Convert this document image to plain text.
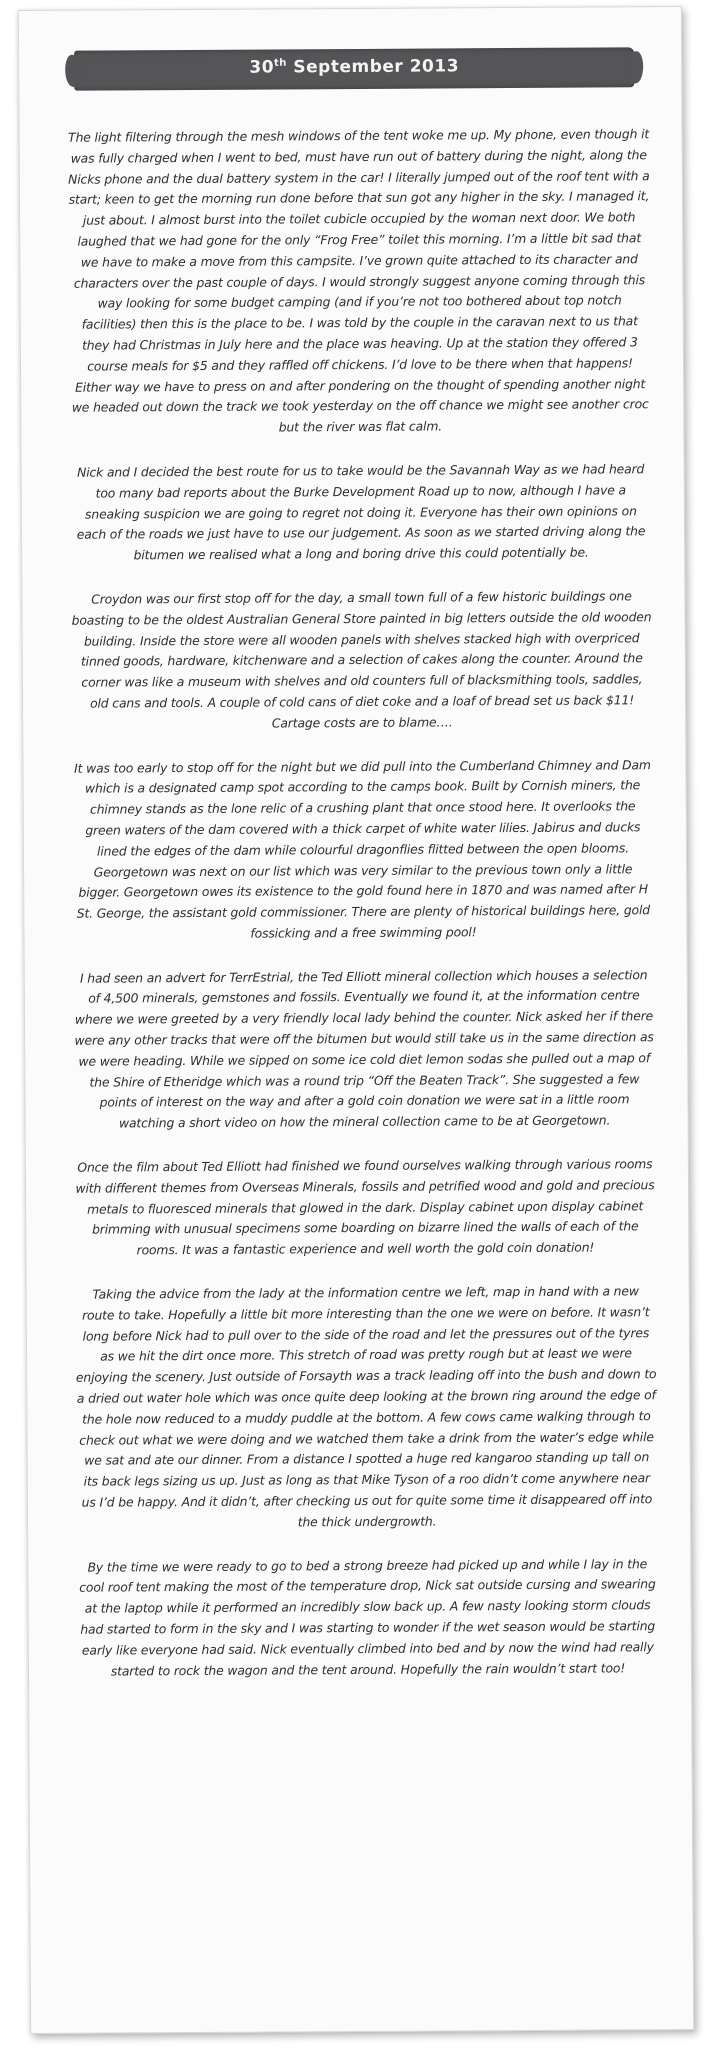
30th September 2013

The light filtering through the mesh windows of the tent woke me up. My phone, even though it was fully charged when I went to bed, must have run out of battery during the night, along the Nicks phone and the dual battery system in the car! I literally jumped out of the roof tent with a start; keen to get the morning run done before that sun got any higher in the sky. I managed it, just about. I almost burst into the toilet cubicle occupied by the woman next door. We both laughed that we had gone for the only “Frog Free” toilet this morning. I’m a little bit sad that we have to make a move from this campsite. I’ve grown quite attached to its character and characters over the past couple of days. I would strongly suggest anyone coming through this way looking for some budget camping (and if you’re not too bothered about top notch facilities) then this is the place to be. I was told by the couple in the caravan next to us that they had Christmas in July here and the place was heaving. Up at the station they offered 3 course meals for $5 and they raffled off chickens. I’d love to be there when that happens! Either way we have to press on and after pondering on the thought of spending another night we headed out down the track we took yesterday on the off chance we might see another croc but the river was flat calm.

Nick and I decided the best route for us to take would be the Savannah Way as we had heard too many bad reports about the Burke Development Road up to now, although I have a sneaking suspicion we are going to regret not doing it. Everyone has their own opinions on each of the roads we just have to use our judgement. As soon as we started driving along the bitumen we realised what a long and boring drive this could potentially be.

Croydon was our first stop off for the day, a small town full of a few historic buildings one boasting to be the oldest Australian General Store painted in big letters outside the old wooden building. Inside the store were all wooden panels with shelves stacked high with overpriced tinned goods, hardware, kitchenware and a selection of cakes along the counter. Around the corner was like a museum with shelves and old counters full of blacksmithing tools, saddles, old cans and tools. A couple of cold cans of diet coke and a loaf of bread set us back $11! Cartage costs are to blame….

It was too early to stop off for the night but we did pull into the Cumberland Chimney and Dam which is a designated camp spot according to the camps book. Built by Cornish miners, the chimney stands as the lone relic of a crushing plant that once stood here. It overlooks the green waters of the dam covered with a thick carpet of white water lilies. Jabirus and ducks lined the edges of the dam while colourful dragonflies flitted between the open blooms. Georgetown was next on our list which was very similar to the previous town only a little bigger. Georgetown owes its existence to the gold found here in 1870 and was named after H St. George, the assistant gold commissioner. There are plenty of historical buildings here, gold fossicking and a free swimming pool!

I had seen an advert for TerrEstrial, the Ted Elliott mineral collection which houses a selection of 4,500 minerals, gemstones and fossils. Eventually we found it, at the information centre where we were greeted by a very friendly local lady behind the counter. Nick asked her if there were any other tracks that were off the bitumen but would still take us in the same direction as we were heading. While we sipped on some ice cold diet lemon sodas she pulled out a map of the Shire of Etheridge which was a round trip “Off the Beaten Track”. She suggested a few points of interest on the way and after a gold coin donation we were sat in a little room watching a short video on how the mineral collection came to be at Georgetown.

Once the film about Ted Elliott had finished we found ourselves walking through various rooms with different themes from Overseas Minerals, fossils and petrified wood and gold and precious metals to fluoresced minerals that glowed in the dark. Display cabinet upon display cabinet brimming with unusual specimens some boarding on bizarre lined the walls of each of the rooms. It was a fantastic experience and well worth the gold coin donation!

Taking the advice from the lady at the information centre we left, map in hand with a new route to take. Hopefully a little bit more interesting than the one we were on before. It wasn’t long before Nick had to pull over to the side of the road and let the pressures out of the tyres as we hit the dirt once more. This stretch of road was pretty rough but at least we were enjoying the scenery. Just outside of Forsayth was a track leading off into the bush and down to a dried out water hole which was once quite deep looking at the brown ring around the edge of the hole now reduced to a muddy puddle at the bottom. A few cows came walking through to check out what we were doing and we watched them take a drink from the water’s edge while we sat and ate our dinner. From a distance I spotted a huge red kangaroo standing up tall on its back legs sizing us up. Just as long as that Mike Tyson of a roo didn’t come anywhere near us I’d be happy. And it didn’t, after checking us out for quite some time it disappeared off into the thick undergrowth.

By the time we were ready to go to bed a strong breeze had picked up and while I lay in the cool roof tent making the most of the temperature drop, Nick sat outside cursing and swearing at the laptop while it performed an incredibly slow back up. A few nasty looking storm clouds had started to form in the sky and I was starting to wonder if the wet season would be starting early like everyone had said. Nick eventually climbed into bed and by now the wind had really started to rock the wagon and the tent around. Hopefully the rain wouldn’t start too!
